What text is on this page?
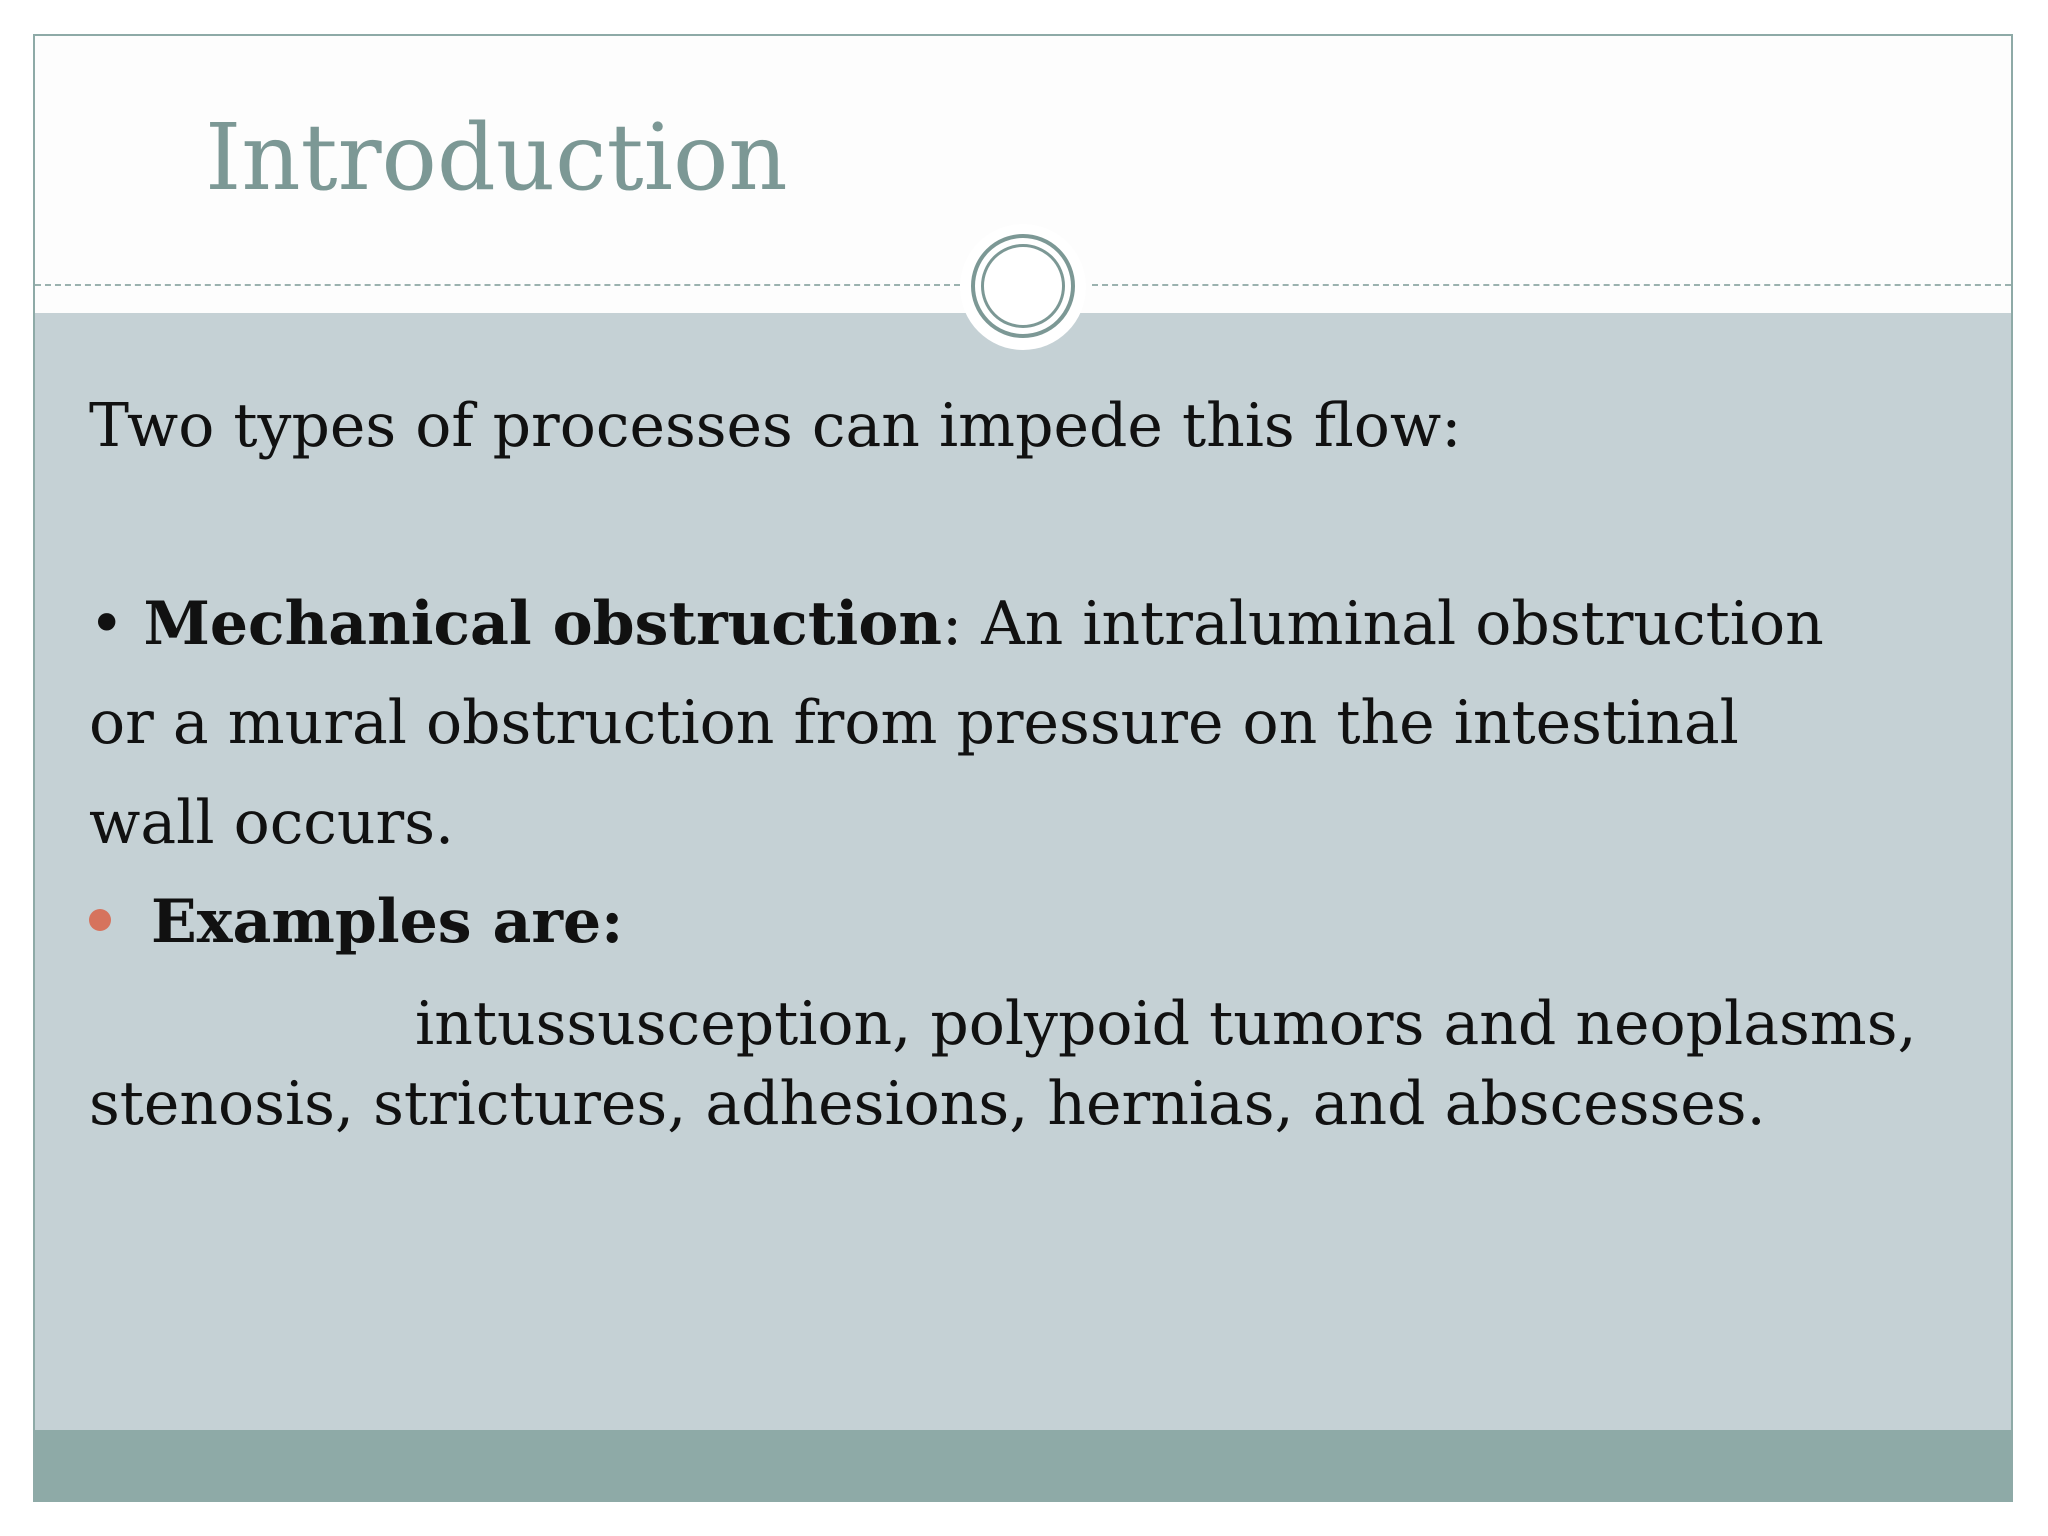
Introduction

Two types of processes can impede this flow:

• Mechanical obstruction: An intraluminal obstruction

or a mural obstruction from pressure on the intestinal

wall occurs.

Examples are:

intussusception, polypoid tumors and neoplasms,

stenosis, strictures, adhesions, hernias, and abscesses.
